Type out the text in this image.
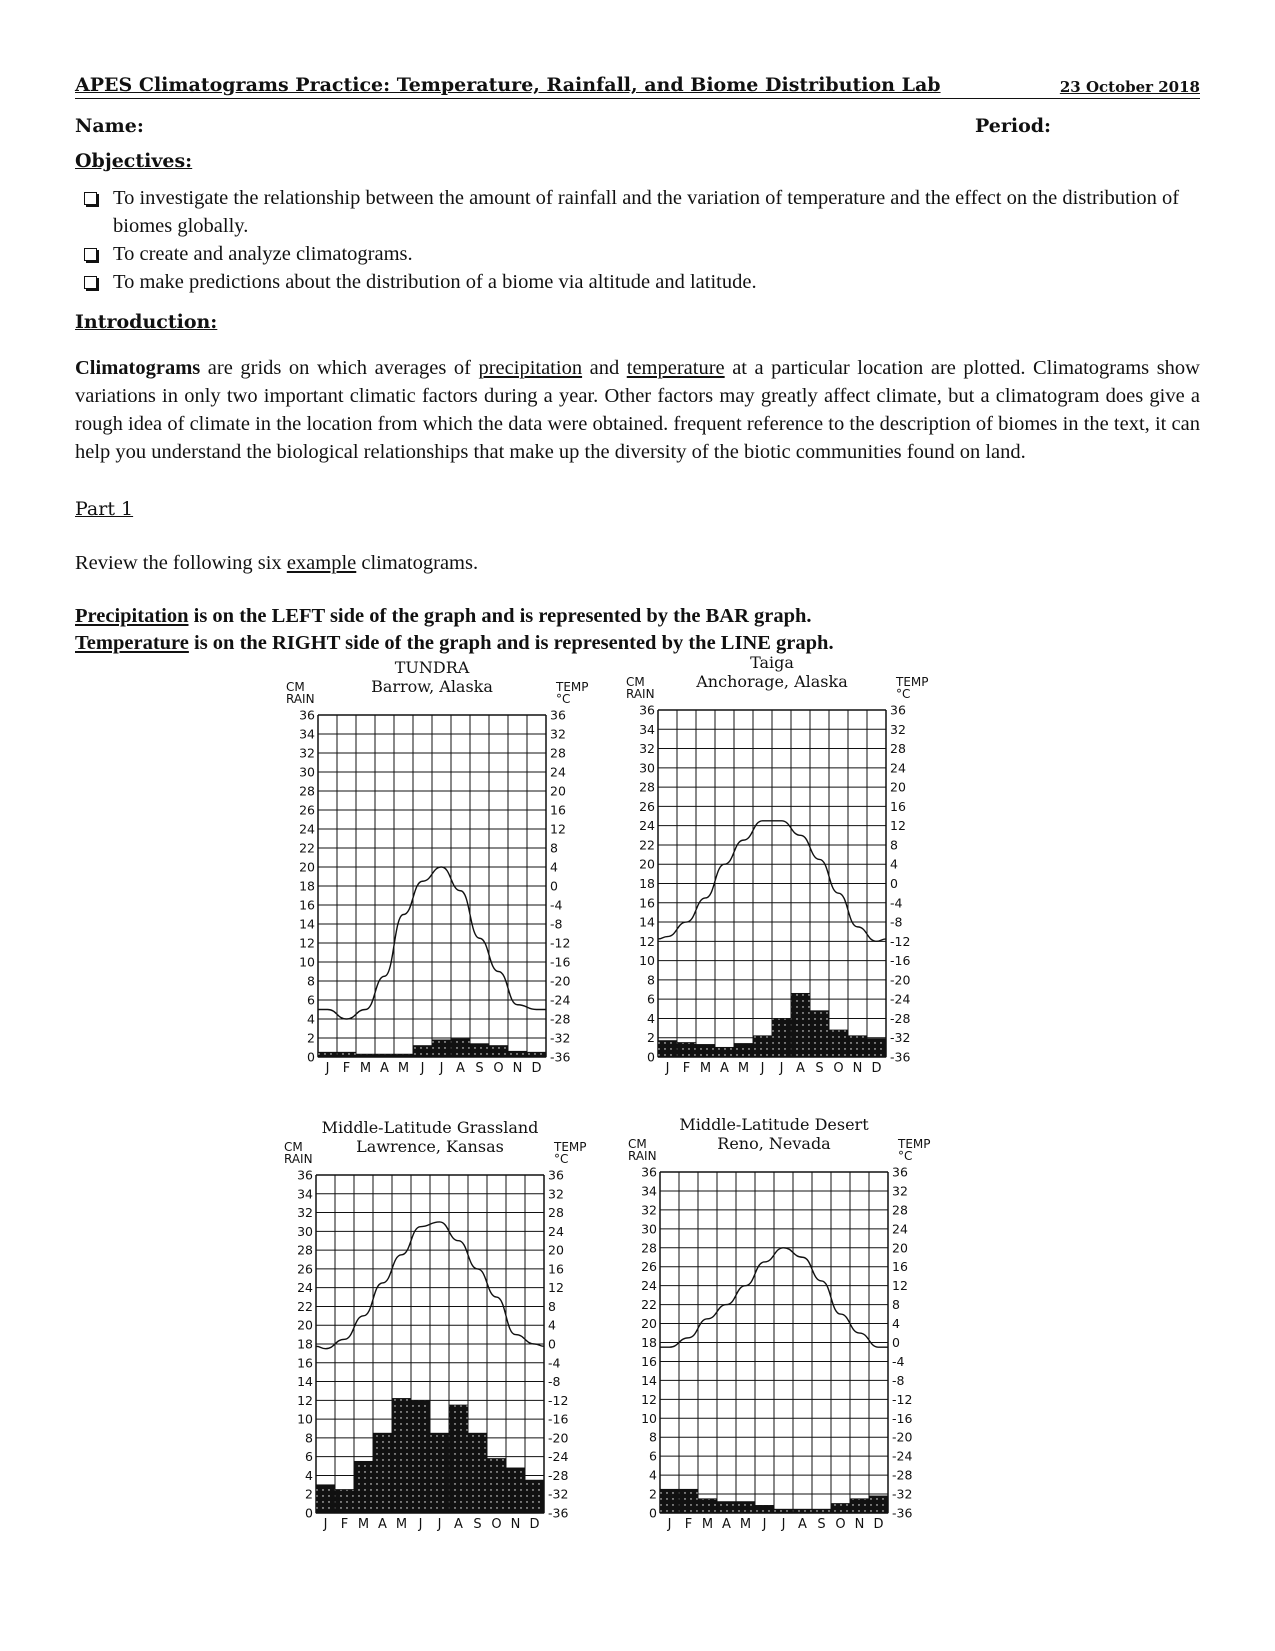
APES Climatograms Practice: Temperature, Rainfall, and Biome Distribution Lab	23 October 2018
Name:	Period:
Objectives:
To investigate the relationship between the amount of rainfall and the variation of temperature and the effect on the distribution of biomes globally.
To create and analyze climatograms.
To make predictions about the distribution of a biome via altitude and latitude.
Introduction:

Climatograms are grids on which averages of precipitation and temperature at a particular location are plotted. Climatograms show variations in only two important climatic factors during a year. Other factors may greatly affect climate, but a climatogram does give a rough idea of climate in the location from which the data were obtained. frequent reference to the description of biomes in the text, it can help you understand the biological relationships that make up the diversity of the biotic communities found on land.

Part 1
Review the following six example climatograms.
Precipitation is on the LEFT side of the graph and is represented by the BAR graph.
Temperature is on the RIGHT side of the graph and is represented by the LINE graph.
TUNDRA
Barrow, Alaska
CM
RAIN
TEMP
°C
36
34
32
30
28
26
24
22
20
18
16
14
12
10
8
6
4
2
0
36
32
28
24
20
16
12
8
4
0
-4
-8
-12
-16
-20
-24
-28
-32
-36
J F M A M J J A S O N D
Taiga
Anchorage, Alaska
CM
RAIN
TEMP
°C
36
34
32
30
28
26
24
22
20
18
16
14
12
10
8
6
4
2
0
36
32
28
24
20
16
12
8
4
0
-4
-8
-12
-16
-20
-24
-28
-32
-36
J F M A M J J A S O N D
Middle-Latitude Grassland
Lawrence, Kansas
CM
RAIN
TEMP
°C
36
34
32
30
28
26
24
22
20
18
16
14
12
10
8
6
4
2
0
36
32
28
24
20
16
12
8
4
0
-4
-8
-12
-16
-20
-24
-28
-32
-36
J F M A M J J A S O N D
Middle-Latitude Desert
Reno, Nevada
CM
RAIN
TEMP
°C
36
34
32
30
28
26
24
22
20
18
16
14
12
10
8
6
4
2
0
36
32
28
24
20
16
12
8
4
0
-4
-8
-12
-16
-20
-24
-28
-32
-36
J F M A M J J A S O N D
